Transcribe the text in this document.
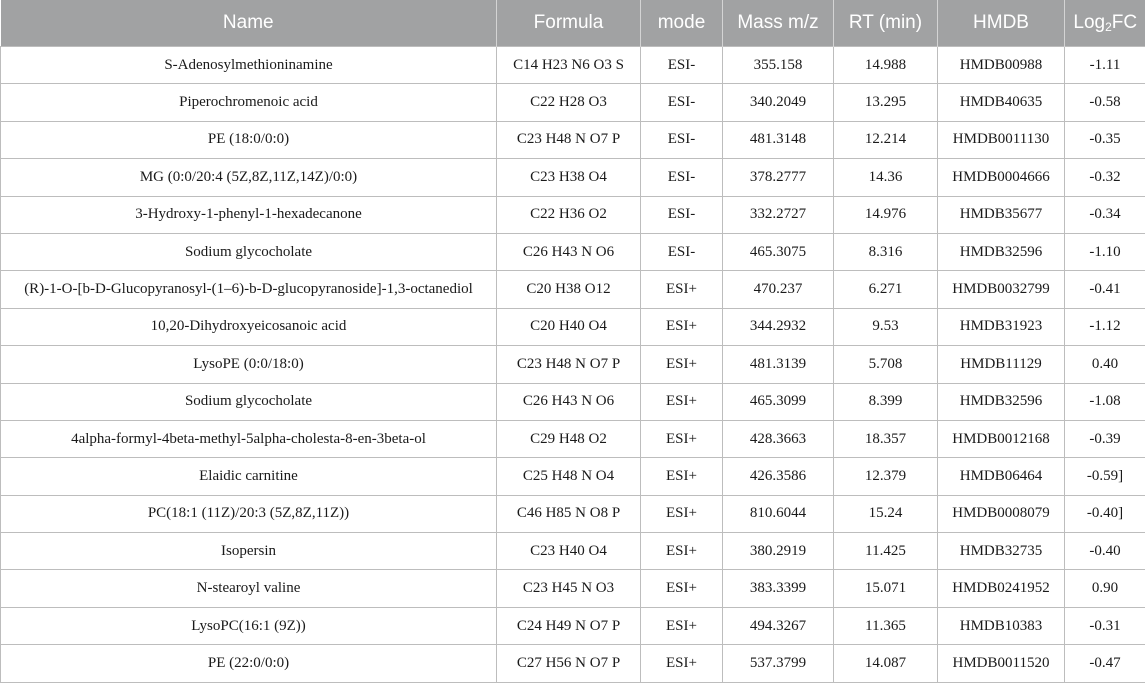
Name	Formula	mode	Mass m/z	RT (min)	HMDB	Log$_2$FC
S-Adenosylmethioninamine	C14 H23 N6 O3 S	ESI-	355.158	14.988	HMDB00988	-1.11
Piperochromenoic acid	C22 H28 O3	ESI-	340.2049	13.295	HMDB40635	-0.58
PE (18:0/0:0)	C23 H48 N O7 P	ESI-	481.3148	12.214	HMDB0011130	-0.35
MG (0:0/20:4 (5Z,8Z,11Z,14Z)/0:0)	C23 H38 O4	ESI-	378.2777	14.36	HMDB0004666	-0.32
3-Hydroxy-1-phenyl-1-hexadecanone	C22 H36 O2	ESI-	332.2727	14.976	HMDB35677	-0.34
Sodium glycocholate	C26 H43 N O6	ESI-	465.3075	8.316	HMDB32596	-1.10
(R)-1-O-[b-D-Glucopyranosyl-(1–6)-b-D-glucopyranoside]-1,3-octanediol	C20 H38 O12	ESI+	470.237	6.271	HMDB0032799	-0.41
10,20-Dihydroxyeicosanoic acid	C20 H40 O4	ESI+	344.2932	9.53	HMDB31923	-1.12
LysoPE (0:0/18:0)	C23 H48 N O7 P	ESI+	481.3139	5.708	HMDB11129	0.40
Sodium glycocholate	C26 H43 N O6	ESI+	465.3099	8.399	HMDB32596	-1.08
4alpha-formyl-4beta-methyl-5alpha-cholesta-8-en-3beta-ol	C29 H48 O2	ESI+	428.3663	18.357	HMDB0012168	-0.39
Elaidic carnitine	C25 H48 N O4	ESI+	426.3586	12.379	HMDB06464	-0.59]
PC(18:1 (11Z)/20:3 (5Z,8Z,11Z))	C46 H85 N O8 P	ESI+	810.6044	15.24	HMDB0008079	-0.40]
Isopersin	C23 H40 O4	ESI+	380.2919	11.425	HMDB32735	-0.40
N-stearoyl valine	C23 H45 N O3	ESI+	383.3399	15.071	HMDB0241952	0.90
LysoPC(16:1 (9Z))	C24 H49 N O7 P	ESI+	494.3267	11.365	HMDB10383	-0.31
PE (22:0/0:0)	C27 H56 N O7 P	ESI+	537.3799	14.087	HMDB0011520	-0.47
